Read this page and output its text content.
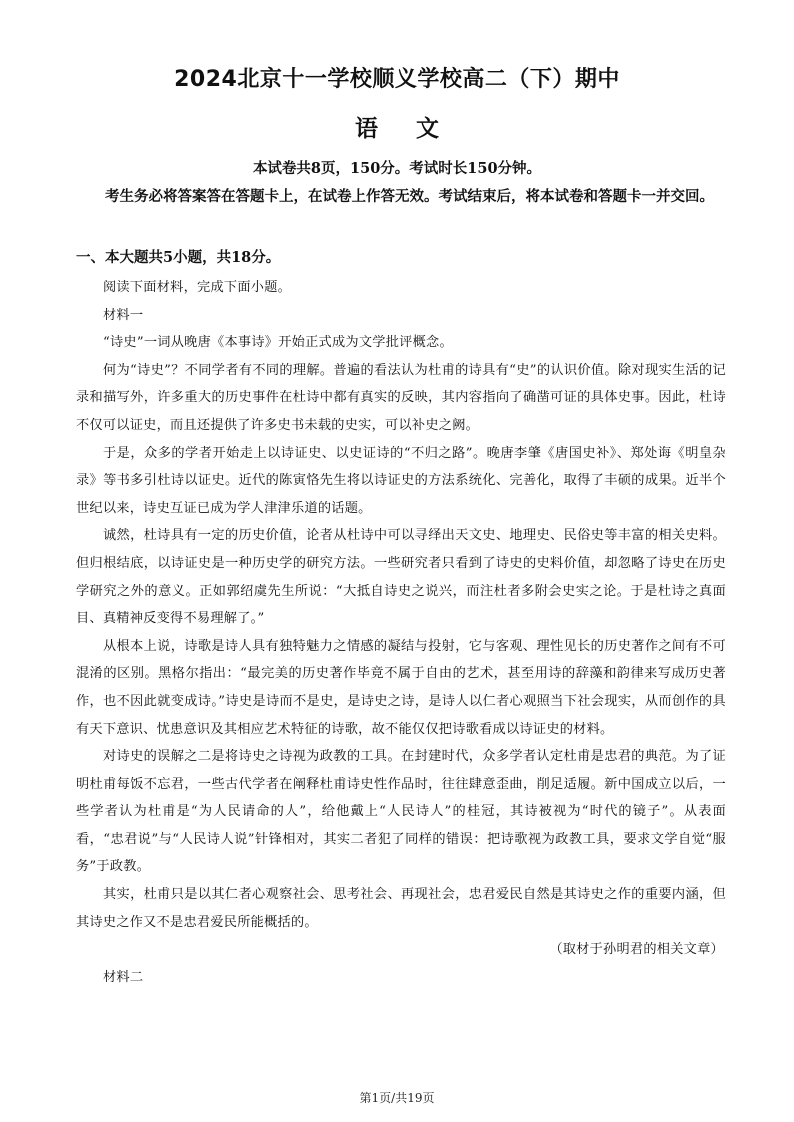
2024北京十一学校顺义学校高二（下）期中
语文
本试卷共8页，150分。考试时长150分钟。
考生务必将答案答在答题卡上，在试卷上作答无效。考试结束后，将本试卷和答题卡一并交回。
一、本大题共5小题，共18分。

阅读下面材料，完成下面小题。

材料一

“诗史”一词从晚唐《本事诗》开始正式成为文学批评概念。

何为“诗史”？不同学者有不同的理解。普遍的看法认为杜甫的诗具有“史”的认识价值。除对现实生活的记录和描写外，许多重大的历史事件在杜诗中都有真实的反映，其内容指向了确凿可证的具体史事。因此，杜诗不仅可以证史，而且还提供了许多史书未载的史实，可以补史之阙。

于是，众多的学者开始走上以诗证史、以史证诗的“不归之路”。晚唐李肇《唐国史补》、郑处诲《明皇杂录》等书多引杜诗以证史。近代的陈寅恪先生将以诗证史的方法系统化、完善化，取得了丰硕的成果。近半个世纪以来，诗史互证已成为学人津津乐道的话题。

诚然，杜诗具有一定的历史价值，论者从杜诗中可以寻绎出天文史、地理史、民俗史等丰富的相关史料。但归根结底，以诗证史是一种历史学的研究方法。一些研究者只看到了诗史的史料价值，却忽略了诗史在历史学研究之外的意义。正如郭绍虞先生所说：“大抵自诗史之说兴，而注杜者多附会史实之论。于是杜诗之真面目、真精神反变得不易理解了。”

从根本上说，诗歌是诗人具有独特魅力之情感的凝结与投射，它与客观、理性见长的历史著作之间有不可混淆的区别。黑格尔指出：“最完美的历史著作毕竟不属于自由的艺术，甚至用诗的辞藻和韵律来写成历史著作，也不因此就变成诗。”诗史是诗而不是史，是诗史之诗，是诗人以仁者心观照当下社会现实，从而创作的具有天下意识、忧患意识及其相应艺术特征的诗歌，故不能仅仅把诗歌看成以诗证史的材料。

对诗史的误解之二是将诗史之诗视为政教的工具。在封建时代，众多学者认定杜甫是忠君的典范。为了证明杜甫每饭不忘君，一些古代学者在阐释杜甫诗史性作品时，往往肆意歪曲，削足适履。新中国成立以后，一些学者认为杜甫是“为人民请命的人”，给他戴上“人民诗人”的桂冠，其诗被视为“时代的镜子”。从表面看，“忠君说”与“人民诗人说”针锋相对，其实二者犯了同样的错误：把诗歌视为政教工具，要求文学自觉“服务”于政教。

其实，杜甫只是以其仁者心观察社会、思考社会、再现社会，忠君爱民自然是其诗史之作的重要内涵，但其诗史之作又不是忠君爱民所能概括的。

（取材于孙明君的相关文章）

材料二

第1页/共19页
